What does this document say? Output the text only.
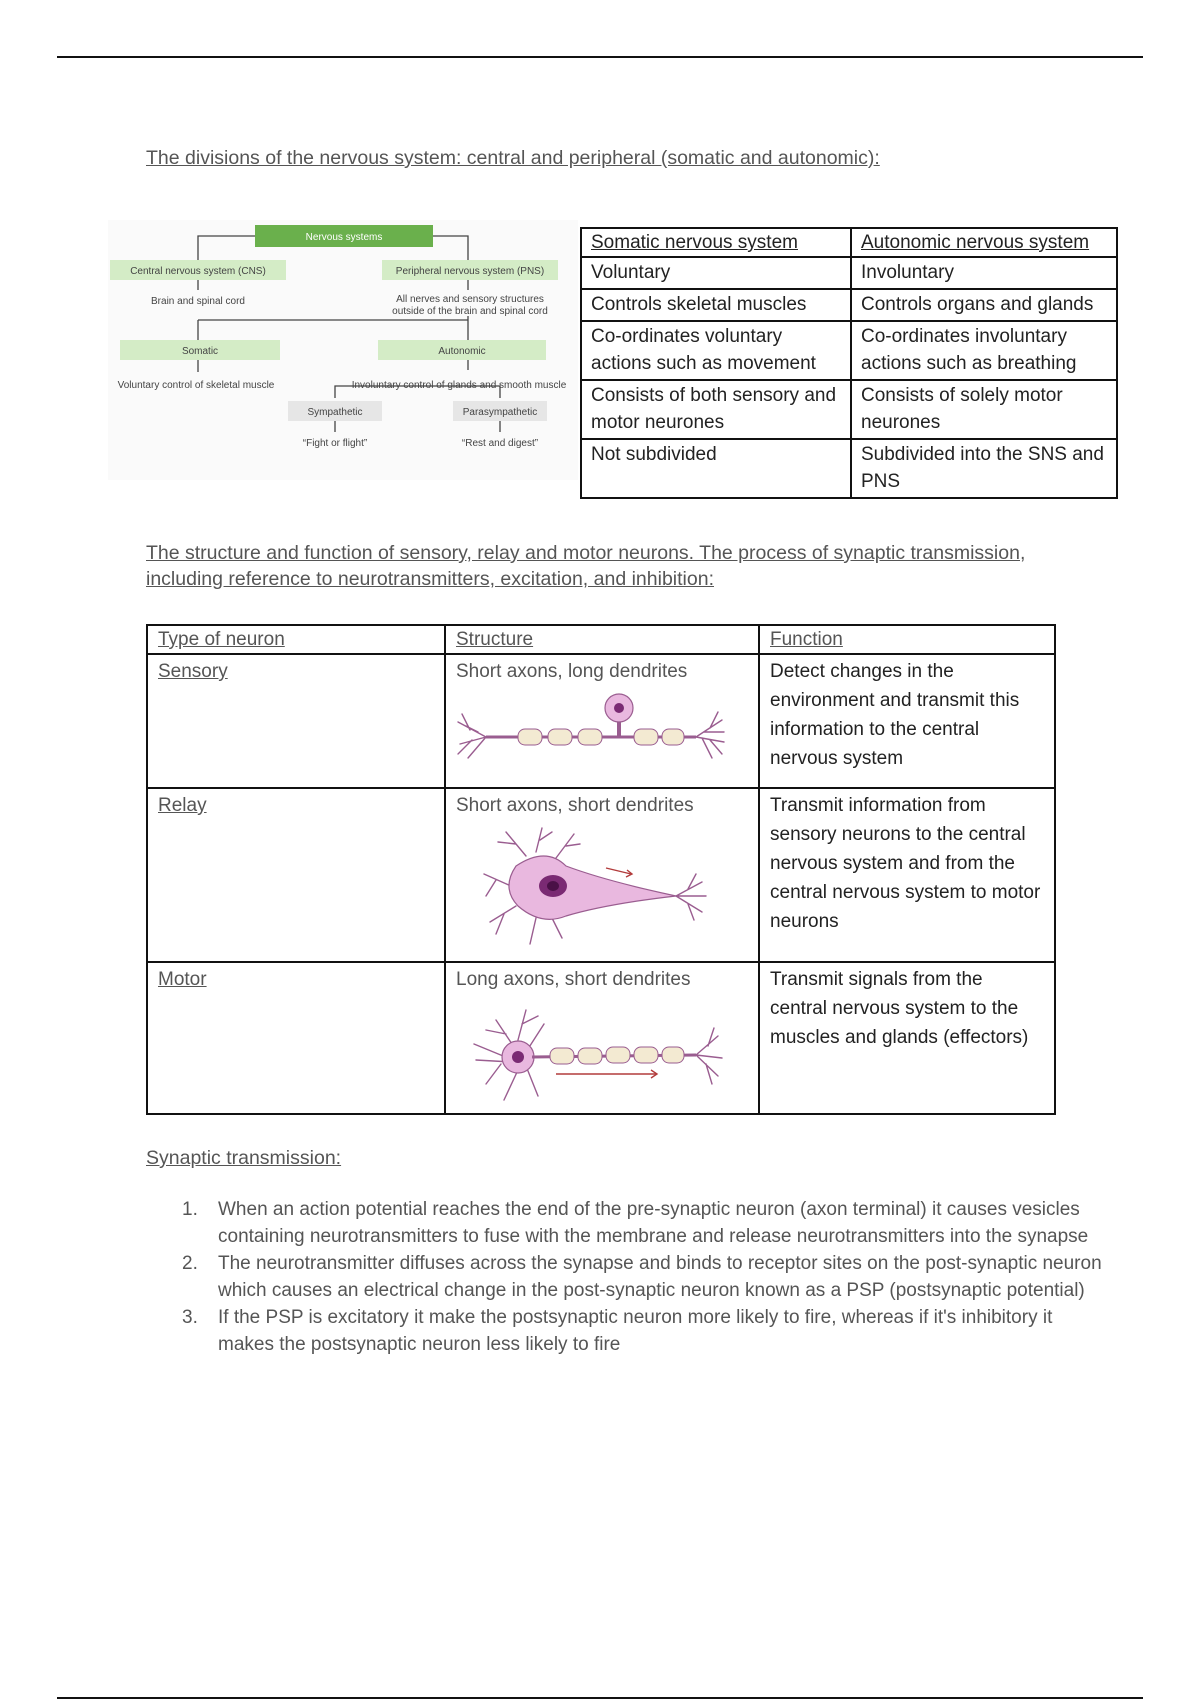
The divisions of the nervous system: central and peripheral (somatic and autonomic):
Nervous systems
Central nervous system (CNS)
Brain and spinal cord
Peripheral nervous system (PNS)
All nerves and sensory structures
outside of the brain and spinal cord
Somatic
Voluntary control of skeletal muscle
Autonomic
Involuntary control of glands and smooth muscle
Sympathetic
“Fight or flight”
Parasympathetic
“Rest and digest”
Somatic nervous system	Autonomic nervous system
Voluntary	Involuntary
Controls skeletal muscles	Controls organs and glands
Co-ordinates voluntary actions such as movement	Co-ordinates involuntary actions such as breathing
Consists of both sensory and motor neurones	Consists of solely motor neurones
Not subdivided	Subdivided into the SNS and PNS
The structure and function of sensory, relay and motor neurons. The process of synaptic transmission,
including reference to neurotransmitters, excitation, and inhibition:
Type of neuron	Structure	Function
Sensory	Short axons, long dendrites	Detect changes in the environment and transmit this information to the central nervous system
Relay	Short axons, short dendrites	Transmit information from sensory neurons to the central nervous system and from the central nervous system to motor neurons
Motor	Long axons, short dendrites	Transmit signals from the central nervous system to the muscles and glands (effectors)
Synaptic transmission:
1. When an action potential reaches the end of the pre-synaptic neuron (axon terminal) it causes vesicles containing neurotransmitters to fuse with the membrane and release neurotransmitters into the synapse
2. The neurotransmitter diffuses across the synapse and binds to receptor sites on the post-synaptic neuron which causes an electrical change in the post-synaptic neuron known as a PSP (postsynaptic potential)
3. If the PSP is excitatory it make the postsynaptic neuron more likely to fire, whereas if it's inhibitory it makes the postsynaptic neuron less likely to fire
